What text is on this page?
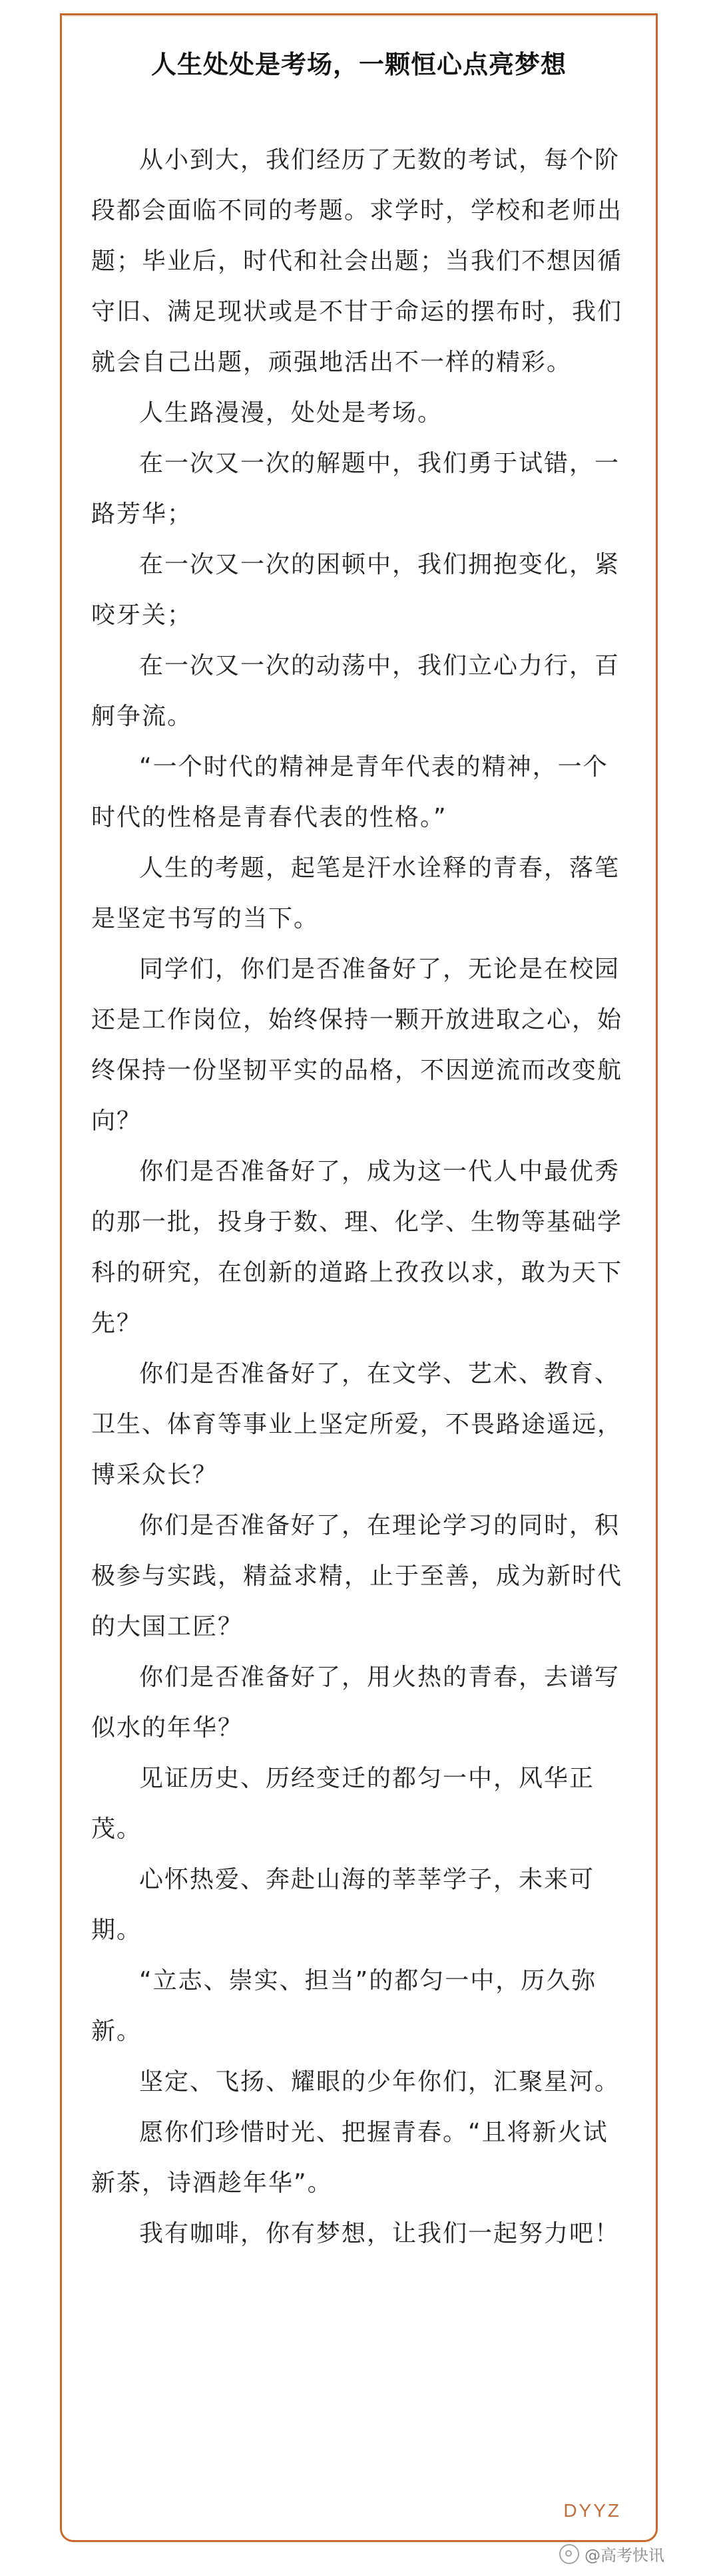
人生处处是考场，一颗恒心点亮梦想

从小到大，我们经历了无数的考试，每个阶段都会面临不同的考题。求学时，学校和老师出题；毕业后，时代和社会出题；当我们不想因循守旧、满足现状或是不甘于命运的摆布时，我们就会自己出题，顽强地活出不一样的精彩。

人生路漫漫，处处是考场。

在一次又一次的解题中，我们勇于试错，一路芳华；

在一次又一次的困顿中，我们拥抱变化，紧咬牙关；

在一次又一次的动荡中，我们立心力行，百舸争流。

“一个时代的精神是青年代表的精神，一个时代的性格是青春代表的性格。”

人生的考题，起笔是汗水诠释的青春，落笔是坚定书写的当下。

同学们，你们是否准备好了，无论是在校园还是工作岗位，始终保持一颗开放进取之心，始终保持一份坚韧平实的品格，不因逆流而改变航向？

你们是否准备好了，成为这一代人中最优秀的那一批，投身于数、理、化学、生物等基础学科的研究，在创新的道路上孜孜以求，敢为天下先？

你们是否准备好了，在文学、艺术、教育、卫生、体育等事业上坚定所爱，不畏路途遥远，博采众长？

你们是否准备好了，在理论学习的同时，积极参与实践，精益求精，止于至善，成为新时代的大国工匠？

你们是否准备好了，用火热的青春，去谱写似水的年华？

见证历史、历经变迁的都匀一中，风华正茂。

心怀热爱、奔赴山海的莘莘学子，未来可期。

“立志、崇实、担当”的都匀一中，历久弥新。

坚定、飞扬、耀眼的少年你们，汇聚星河。

愿你们珍惜时光、把握青春。“且将新火试新茶，诗酒趁年华”。

我有咖啡，你有梦想，让我们一起努力吧！

DYYZ
@高考快讯
